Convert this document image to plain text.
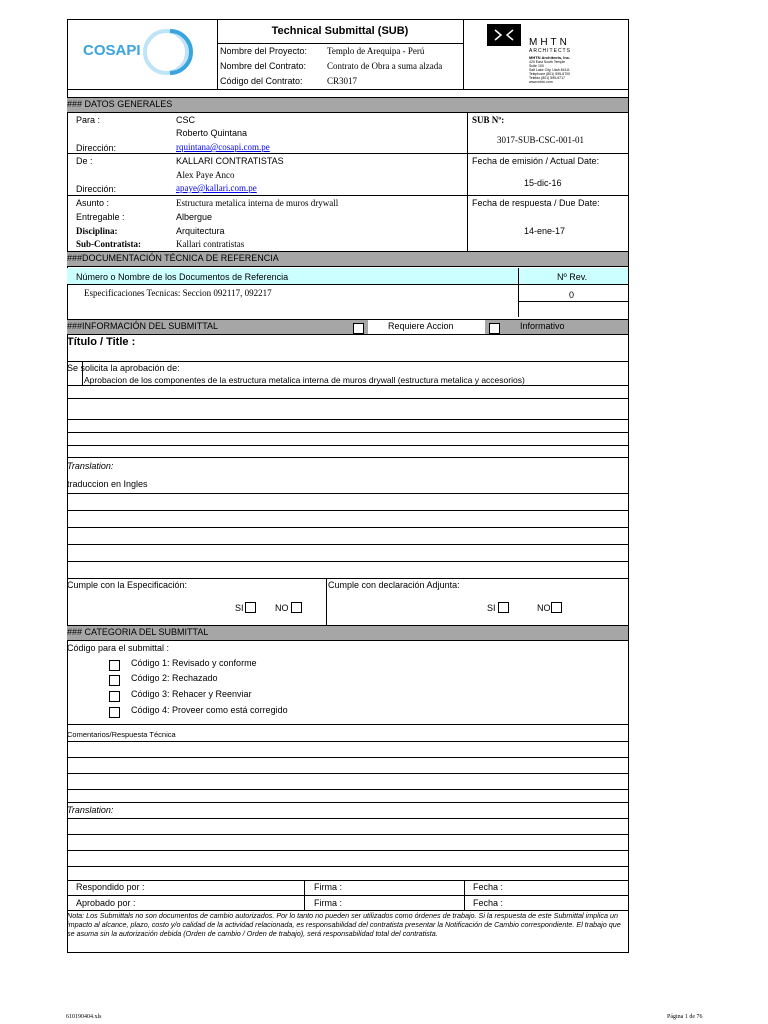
COSAPI
Technical Submittal (SUB)
Nombre del Proyecto: Templo de Arequipa - Perú
Nombre del Contrato: Contrato de Obra a suma alzada
Código del Contrato:	CR3017
MHTN
ARCHITECTS
MHTN Architects, Inc.
420 East South Temple
Suite 100
Salt Lake City, Utah 84111
Telephone (801) 595-6700
Telefax (801) 595-6717
www.mhtn.com
### DATOS GENERALES
Para :	CSC
Roberto Quintana
Dirección:	rquintana@cosapi.com.pe
SUB Nº:
3017-SUB-CSC-001-01
De :	KALLARI CONTRATISTAS
Alex Paye Anco
Dirección:	apaye@kallari.com.pe
Fecha de emisión / Actual Date:
15-dic-16
Asunto :	Estructura metalica interna de muros drywall
Entregable :	Albergue
Disciplina:	Arquitectura
Sub-Contratista:	Kallari contratistas
Fecha de respuesta / Due Date:
14-ene-17
###DOCUMENTACIÓN TÉCNICA DE REFERENCIA
Número o Nombre de los Documentos de Referencia	Nº Rev.
Especificaciones Tecnicas: Seccion 092117, 092217	0
###INFORMACIÓN DEL SUBMITTAL	Requiere Accion	Informativo
Título / Title :
Se solicita la aprobación de:
Aprobacion de los componentes de la estructura metalica interna de muros drywall (estructura metalica y accesorios)
Translation:
traduccion en Ingles
Cumple con la Especificación:	Cumple con declaración Adjunta:
SI	NO	SI	NO
### CATEGORIA DEL SUBMITTAL
Código para el submittal :
Código 1: Revisado y conforme
Código 2: Rechazado
Código 3: Rehacer y Reenviar
Código 4: Proveer como está corregido
Comentarios/Respuesta Técnica
Translation:
Respondido por :	Firma :	Fecha :
Aprobado por :	Firma :	Fecha :
Nota: Los Submittals no son documentos de cambio autorizados. Por lo tanto no pueden ser utilizados como órdenes de trabajo. Si la respuesta de este Submittal implica un impacto al alcance, plazo, costo y/o calidad de la actividad relacionada, es responsabilidad del contratista presentar la Notificación de Cambio correspondiente. El trabajo que se asuma sin la autorización debida (Orden de cambio / Orden de trabajo), será responsabilidad total del contratista.
610190404.xls	Página 1 de 76
